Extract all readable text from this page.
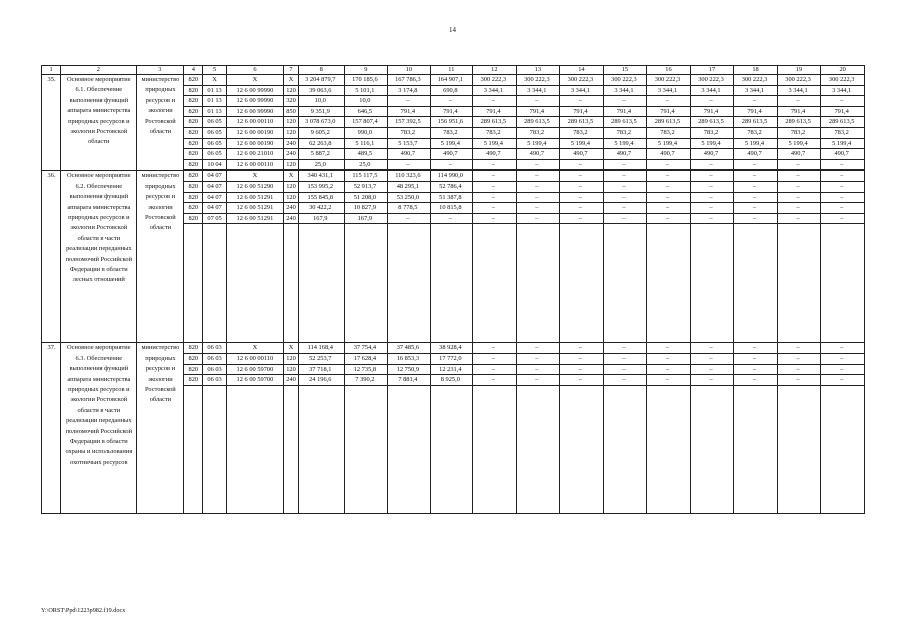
14
1	2	3	4	5	6	7	8	9	10	11	12	13	14	15	16	17	18	19	20
35.	Основное мероприятие 6.1. Обеспечение выполнения функций аппарата министерства природных ресурсов и экологии Ростовской области	министерство природных ресурсов и экологии Ростовской области	820	X	X	X	3 204 879,7	170 185,6	167 786,3	164 907,1	300 222,3	300 222,3	300 222,3	300 222,3	300 222,3	300 222,3	300 222,3	300 222,3	300 222,3
			820	01 13	12 6 00 99990	120	39 063,6	5 101,1	3 174,8	690,8	3 344,1	3 344,1	3 344,1	3 344,1	3 344,1	3 344,1	3 344,1	3 344,1	3 344,1
			820	01 13	12 6 00 99990	320	10,0	10,0	–	–	–	–	–	–	–	–	–	–	–
			820	01 13	12 6 00 99990	850	9 351,9	646,5	791,4	791,4	791,4	791,4	791,4	791,4	791,4	791,4	791,4	791,4	791,4
			820	06 05	12 6 00 00110	120	3 078 673,0	157 807,4	157 392,5	156 951,6	289 613,5	289 613,5	289 613,5	289 613,5	289 613,5	289 613,5	289 613,5	289 613,5	289 613,5
			820	06 05	12 6 00 00190	120	9 605,2	990,0	783,2	783,2	783,2	783,2	783,2	783,2	783,2	783,2	783,2	783,2	783,2
			820	06 05	12 6 00 00190	240	62 263,8	5 116,1	5 153,7	5 199,4	5 199,4	5 199,4	5 199,4	5 199,4	5 199,4	5 199,4	5 199,4	5 199,4	5 199,4
			820	06 05	12 6 00 21010	240	5 887,2	489,5	490,7	490,7	490,7	490,7	490,7	490,7	490,7	490,7	490,7	490,7	490,7
			820	10 04	12 6 00 00110	120	25,0	25,0	–	–	–	–	–	–	–	–	–	–	–

36.	Основное мероприятие 6.2. Обеспечение выполнения функций аппарата министерства природных ресурсов и экологии Ростовской области в части реализации переданных полномочий Российской Федерации в области лесных отношений	министерство природных ресурсов и экологии Ростовской области	820	04 07	X	X	340 431,1	115 117,5	110 323,6	114 990,0	–	–	–	–	–	–	–	–	–
			820	04 07	12 6 00 51290	120	153 995,2	52 913,7	48 295,1	52 786,4	–	–	–	–	–	–	–	–	–
			820	04 07	12 6 00 51291	120	155 845,8	51 208,0	53 250,0	51 387,8	–	–	–	–	–	–	–	–	–
			820	04 07	12 6 00 51291	240	30 422,2	10 827,9	8 778,5	10 815,8	–	–	–	–	–	–	–	–	–
			820	07 05	12 6 00 51291	240	167,9	167,9	–	–	–	–	–	–	–	–	–	–	–

37.	Основное мероприятие 6.3. Обеспечение выполнения функций аппарата министерства природных ресурсов и экологии Ростовской области в части реализации переданных полномочий Российской Федерации в области охраны и использования охотничьих ресурсов	министерство природных ресурсов и экологии Ростовской области	820	06 03	X	X	114 168,4	37 754,4	37 485,6	38 928,4	–	–	–	–	–	–	–	–	–
			820	06 03	12 6 00 00110	120	52 253,7	17 628,4	16 853,3	17 772,0	–	–	–	–	–	–	–	–	–
			820	06 03	12 6 00 59700	120	37 718,1	12 735,8	12 750,9	12 231,4	–	–	–	–	–	–	–	–	–
			820	06 03	12 6 00 59700	240	24 196,6	7 390,2	7 881,4	8 925,0	–	–	–	–	–	–	–	–	–

Y:\ORST\Ppd\1223p982.f19.docx
